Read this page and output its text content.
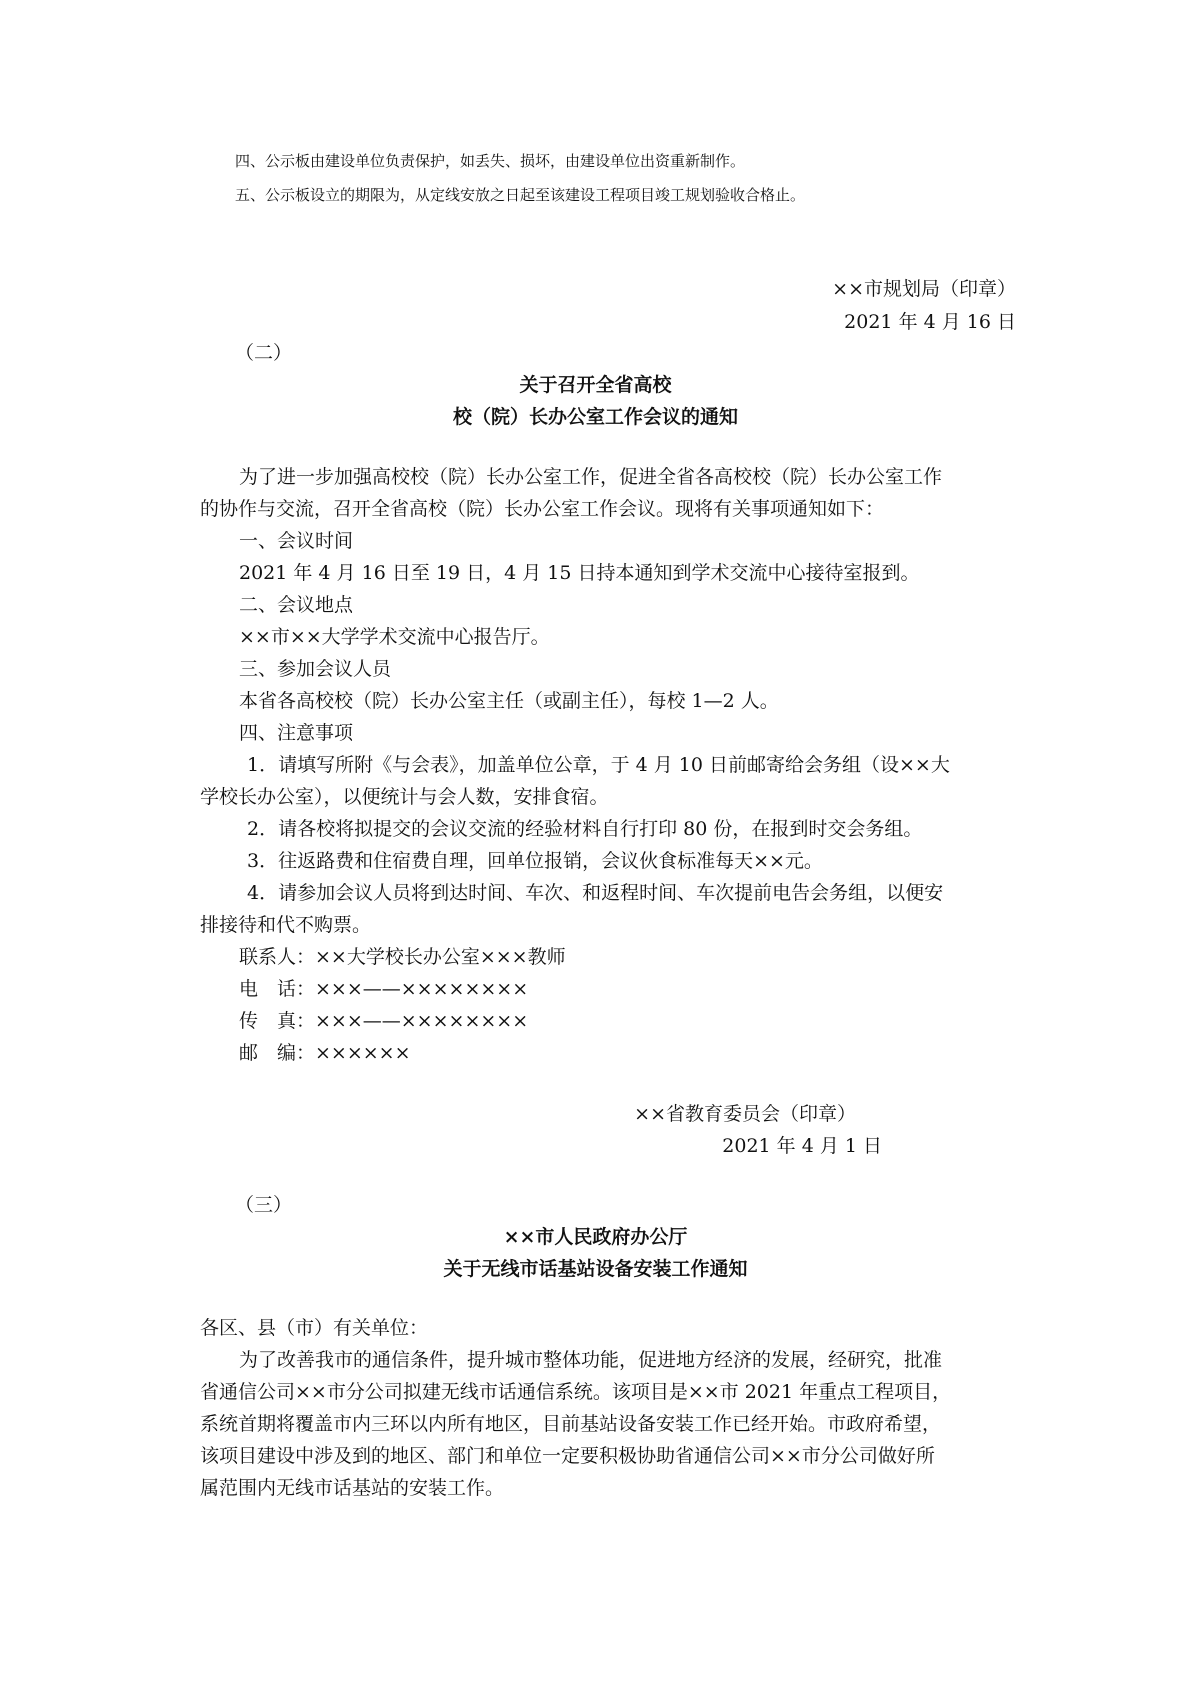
四、公示板由建设单位负责保护，如丢失、损坏，由建设单位出资重新制作。
五、公示板设立的期限为，从定线安放之日起至该建设工程项目竣工规划验收合格止。
××市规划局（印章）
2021 年 4 月 16 日
（二）
关于召开全省高校
校（院）长办公室工作会议的通知
为了进一步加强高校校（院）长办公室工作，促进全省各高校校（院）长办公室工作
的协作与交流，召开全省高校（院）长办公室工作会议。现将有关事项通知如下：
一、会议时间
2021 年 4 月 16 日至 19 日，4 月 15 日持本通知到学术交流中心接待室报到。
二、会议地点
××市××大学学术交流中心报告厅。
三、参加会议人员
本省各高校校（院）长办公室主任（或副主任），每校 1—2 人。
四、注意事项
1．请填写所附《与会表》，加盖单位公章，于 4 月 10 日前邮寄给会务组（设××大
学校长办公室），以便统计与会人数，安排食宿。
2．请各校将拟提交的会议交流的经验材料自行打印 80 份，在报到时交会务组。
3．往返路费和住宿费自理，回单位报销，会议伙食标准每天××元。
4．请参加会议人员将到达时间、车次、和返程时间、车次提前电告会务组，以便安
排接待和代不购票。
联系人：××大学校长办公室×××教师
电　话：×××——××××××××
传　真：×××——××××××××
邮　编：××××××
××省教育委员会（印章）
2021 年 4 月 1 日
（三）
××市人民政府办公厅
关于无线市话基站设备安装工作通知
各区、县（市）有关单位：
为了改善我市的通信条件，提升城市整体功能，促进地方经济的发展，经研究，批准
省通信公司××市分公司拟建无线市话通信系统。该项目是××市 2021 年重点工程项目，
系统首期将覆盖市内三环以内所有地区，目前基站设备安装工作已经开始。市政府希望，
该项目建设中涉及到的地区、部门和单位一定要积极协助省通信公司××市分公司做好所
属范围内无线市话基站的安装工作。
